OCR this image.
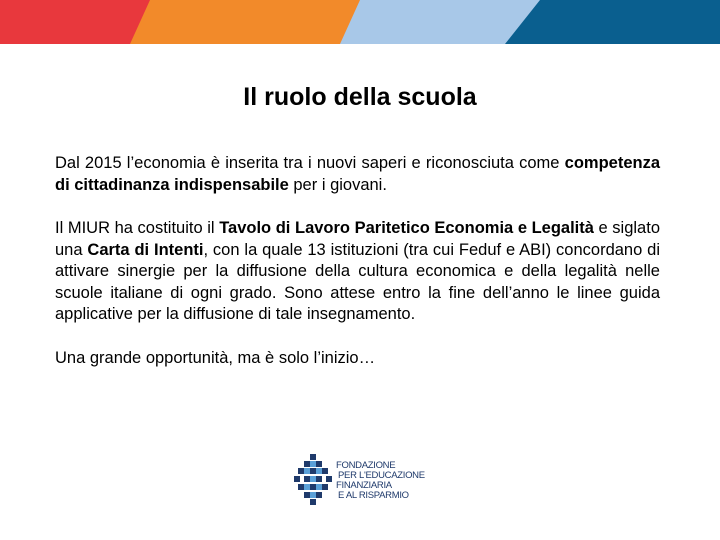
Il ruolo della scuola

Dal 2015 l’economia è inserita tra i nuovi saperi e riconosciuta come competenza di cittadinanza indispensabile per i giovani.

Il MIUR ha costituito il Tavolo di Lavoro Paritetico Economia e Legalità e siglato una Carta di Intenti, con la quale 13 istituzioni (tra cui Feduf e ABI) concordano di attivare sinergie per la diffusione della cultura economica e della legalità nelle scuole italiane di ogni grado. Sono attese entro la fine dell’anno le linee guida applicative per la diffusione di tale insegnamento.

Una grande opportunità, ma è solo l’inizio…

FONDAZIONE
PER L'EDUCAZIONE
FINANZIARIA
E AL RISPARMIO
